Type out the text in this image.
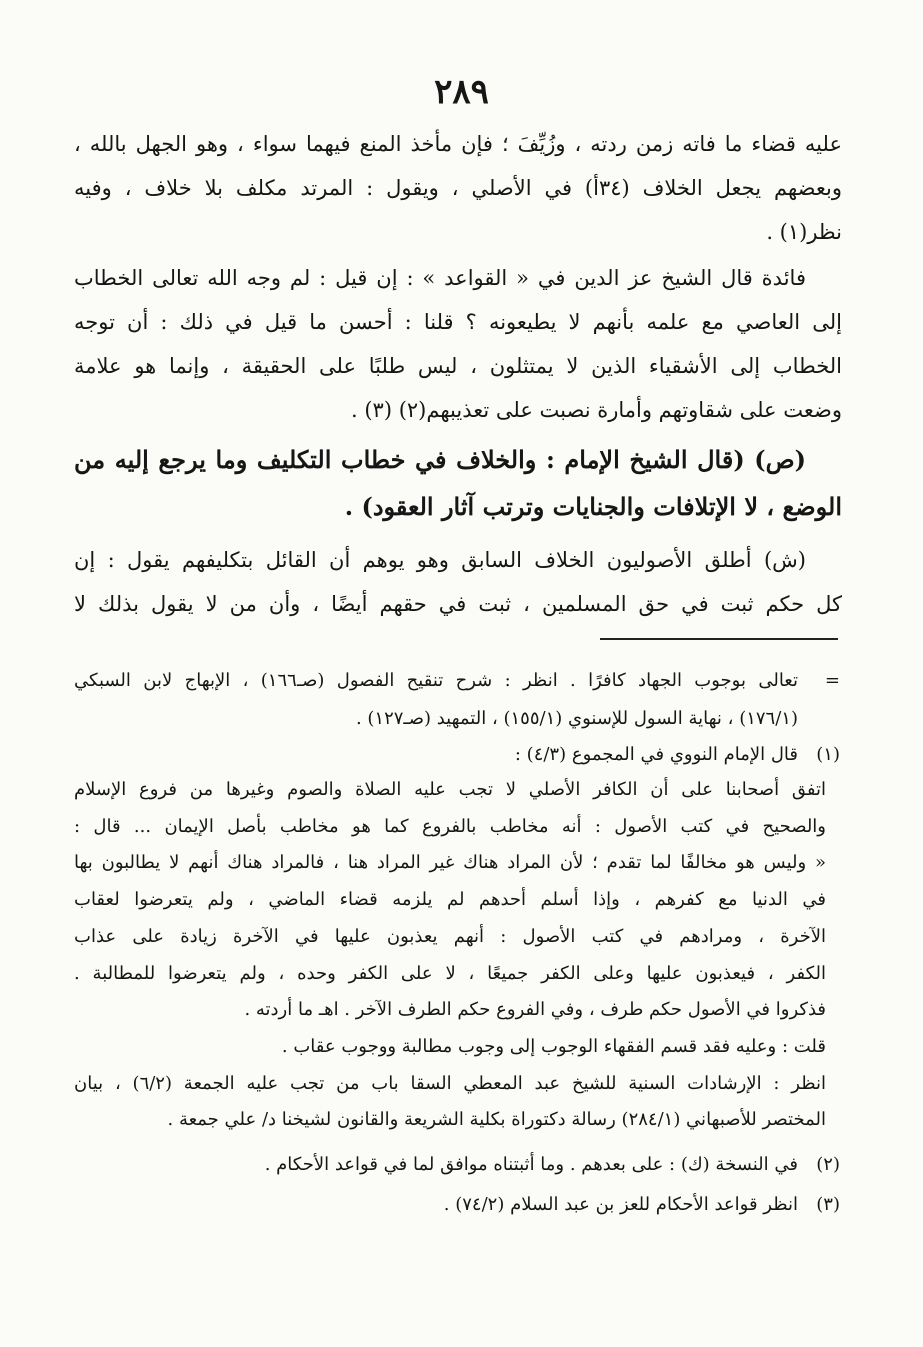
٢٨٩
عليه قضاء ما فاته زمن ردته ، وزُيِّفَ ؛ فإن مأخذ المنع فيهما سواء ، وهو الجهل بالله ،
وبعضهم يجعل الخلاف (٣٤أ) في الأصلي ، ويقول : المرتد مكلف بلا خلاف ، وفيه
نظر(١) .
فائدة قال الشيخ عز الدين في « القواعد » : إن قيل : لم وجه الله تعالى الخطاب
إلى العاصي مع علمه بأنهم لا يطيعونه ؟ قلنا : أحسن ما قيل في ذلك : أن توجه
الخطاب إلى الأشقياء الذين لا يمتثلون ، ليس طلبًا على الحقيقة ، وإنما هو علامة
وضعت على شقاوتهم وأمارة نصبت على تعذيبهم(٢) (٣) .
(ص) (قال الشيخ الإمام : والخلاف في خطاب التكليف وما يرجع إليه من
الوضع ، لا الإتلافات والجنايات وترتب آثار العقود) .
(ش) أطلق الأصوليون الخلاف السابق وهو يوهم أن القائل بتكليفهم يقول : إن
كل حكم ثبت في حق المسلمين ، ثبت في حقهم أيضًا ، وأن من لا يقول بذلك لا
=
تعالى بوجوب الجهاد كافرًا . انظر : شرح تنقيح الفصول (صـ١٦٦) ، الإبهاج لابن السبكي
(١٧٦/١) ، نهاية السول للإسنوي (١٥٥/١) ، التمهيد (صـ١٢٧) .
(١)
قال الإمام النووي في المجموع (٤/٣) :
اتفق أصحابنا على أن الكافر الأصلي لا تجب عليه الصلاة والصوم وغيرها من فروع الإسلام
والصحيح في كتب الأصول : أنه مخاطب بالفروع كما هو مخاطب بأصل الإيمان ... قال :
« وليس هو مخالفًا لما تقدم ؛ لأن المراد هناك غير المراد هنا ، فالمراد هناك أنهم لا يطالبون بها
في الدنيا مع كفرهم ، وإذا أسلم أحدهم لم يلزمه قضاء الماضي ، ولم يتعرضوا لعقاب
الآخرة ، ومرادهم في كتب الأصول : أنهم يعذبون عليها في الآخرة زيادة على عذاب
الكفر ، فيعذبون عليها وعلى الكفر جميعًا ، لا على الكفر وحده ، ولم يتعرضوا للمطالبة .
فذكروا في الأصول حكم طرف ، وفي الفروع حكم الطرف الآخر . اهـ ما أردته .
قلت : وعليه فقد قسم الفقهاء الوجوب إلى وجوب مطالبة ووجوب عقاب .
انظر : الإرشادات السنية للشيخ عبد المعطي السقا باب من تجب عليه الجمعة (٦/٢) ، بيان
المختصر للأصبهاني (٢٨٤/١) رسالة دكتوراة بكلية الشريعة والقانون لشيخنا د/ علي جمعة .
(٢)
في النسخة (ك) : على بعدهم . وما أثبتناه موافق لما في قواعد الأحكام .
(٣)
انظر قواعد الأحكام للعز بن عبد السلام (٧٤/٢) .
